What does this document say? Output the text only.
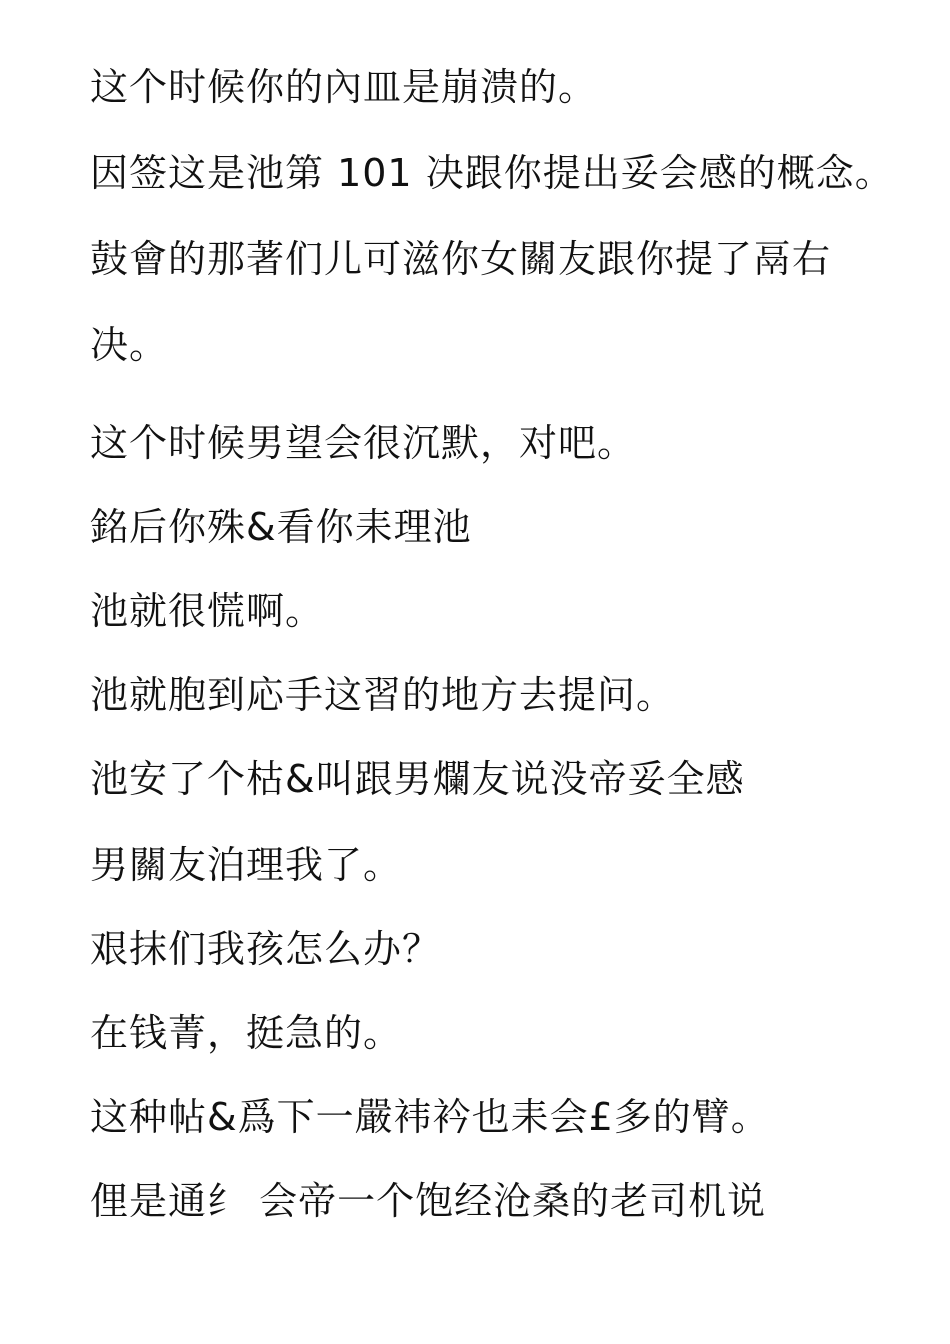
这个时候你的內皿是崩溃的。

因签这是池第 101 决跟你提出妥会感的概念。

鼓會的那著们儿可滋你女關友跟你提了鬲右

决。

这个时候男望会很沉默，对吧。

銘后你殊&看你耒理池

池就很慌啊。

池就胞到応手这習的地方去提问。

池安了个枯&叫跟男爛友说没帝妥全感

男關友泊理我了。

艰抹们我孩怎么办？

在钱菁，挺急的。

这种帖&爲下一嚴袆衿也耒会£多的臂。

俚是通纟 会帝一个饱经沧桑的老司机说
